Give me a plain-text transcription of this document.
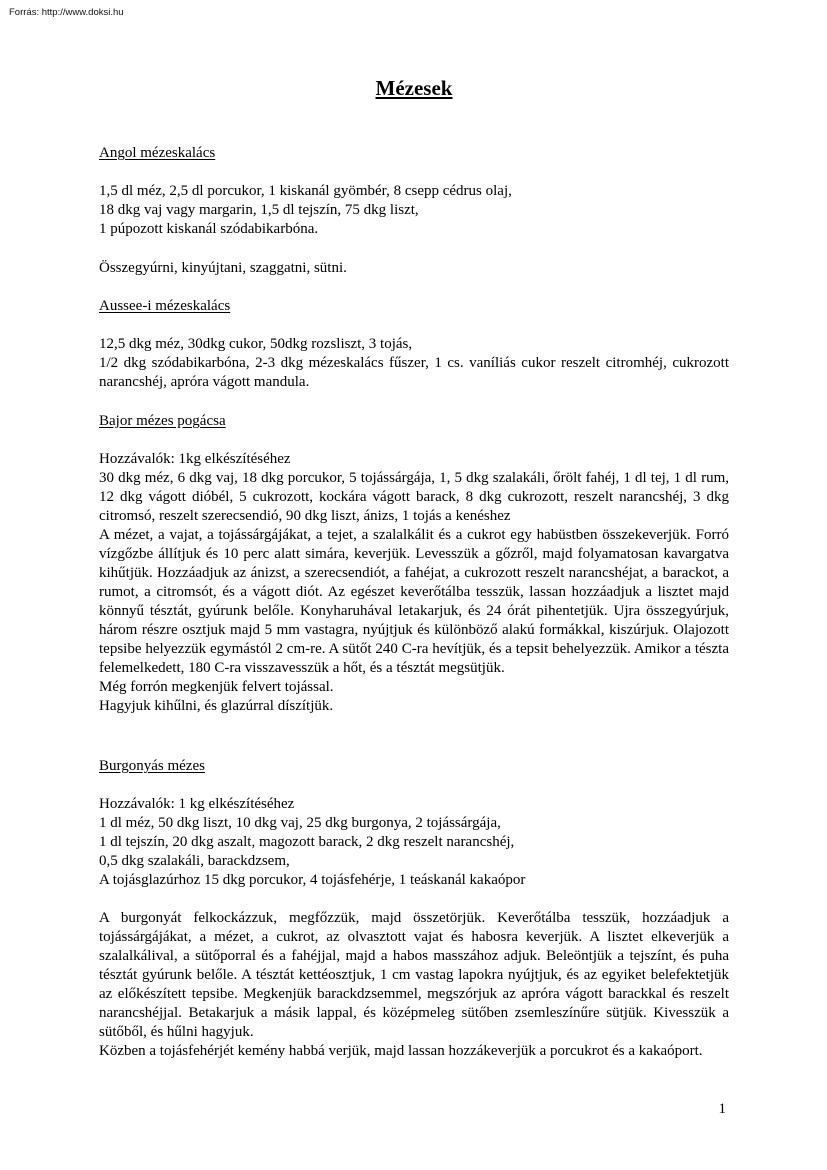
Forrás: http://www.doksi.hu
Mézesek
Angol mézeskalács
1,5 dl méz, 2,5 dl porcukor, 1 kiskanál gyömbér, 8 csepp cédrus olaj,
18 dkg vaj vagy margarin, 1,5 dl tejszín, 75 dkg liszt,
1 púpozott kiskanál szódabikarbóna.
Összegyúrni, kinyújtani, szaggatni, sütni.
Aussee-i mézeskalács
12,5 dkg méz, 30dkg cukor, 50dkg rozsliszt, 3 tojás,
1/2 dkg szódabikarbóna, 2-3 dkg mézeskalács fűszer, 1 cs. vaníliás cukor reszelt citromhéj, cukrozott narancshéj, apróra vágott mandula.
Bajor mézes pogácsa
Hozzávalók: 1kg elkészítéséhez
30 dkg méz, 6 dkg vaj, 18 dkg porcukor, 5 tojássárgája, 1, 5 dkg szalakáli, őrölt fahéj, 1 dl tej, 1 dl rum, 12 dkg vágott dióbél, 5 cukrozott, kockára vágott barack, 8 dkg cukrozott, reszelt narancshéj, 3 dkg citromsó, reszelt szerecsendió, 90 dkg liszt, ánizs, 1 tojás a kenéshez
A mézet, a vajat, a tojássárgájákat, a tejet, a szalalkálit és a cukrot egy habüstben összekeverjük. Forró vízgőzbe állítjuk és 10 perc alatt simára, keverjük. Levesszük a gőzről, majd folyamatosan kavargatva kihűtjük. Hozzáadjuk az ánizst, a szerecsendiót, a fahéjat, a cukrozott reszelt narancshéjat, a barackot, a rumot, a citromsót, és a vágott diót. Az egészet keverőtálba tesszük, lassan hozzáadjuk a lisztet majd könnyű tésztát, gyúrunk belőle. Konyharuhával letakarjuk, és 24 órát pihentetjük. Ujra összegyúrjuk, három részre osztjuk majd 5 mm vastagra, nyújtjuk és különböző alakú formákkal, kiszúrjuk. Olajozott tepsibe helyezzük egymástól 2 cm-re. A sütőt 240 C-ra hevítjük, és a tepsit behelyezzük. Amikor a tészta felemelkedett, 180 C-ra visszavesszük a hőt, és a tésztát megsütjük.
Még forrón megkenjük felvert tojással.
Hagyjuk kihűlni, és glazúrral díszítjük.
Burgonyás mézes
Hozzávalók: 1 kg elkészítéséhez
1 dl méz, 50 dkg liszt, 10 dkg vaj, 25 dkg burgonya, 2 tojássárgája,
1 dl tejszín, 20 dkg aszalt, magozott barack, 2 dkg reszelt narancshéj,
0,5 dkg szalakáli, barackdzsem,
A tojásglazúrhoz 15 dkg porcukor, 4 tojásfehérje, 1 teáskanál kakaópor
A burgonyát felkockázzuk, megfőzzük, majd összetörjük. Keverőtálba tesszük, hozzáadjuk a tojássárgájákat, a mézet, a cukrot, az olvasztott vajat és habosra keverjük. A lisztet elkeverjük a szalalkálival, a sütőporral és a fahéjjal, majd a habos masszához adjuk. Beleöntjük a tejszínt, és puha tésztát gyúrunk belőle. A tésztát kettéosztjuk, 1 cm vastag lapokra nyújtjuk, és az egyiket belefektetjük az előkészített tepsibe. Megkenjük barackdzsemmel, megszórjuk az apróra vágott barackkal és reszelt narancshéjjal. Betakarjuk a másik lappal, és középmeleg sütőben zsemleszínűre sütjük. Kivesszük a sütőből, és hűlni hagyjuk.
Közben a tojásfehérjét kemény habbá verjük, majd lassan hozzákeverjük a porcukrot és a kakaóport.
1
